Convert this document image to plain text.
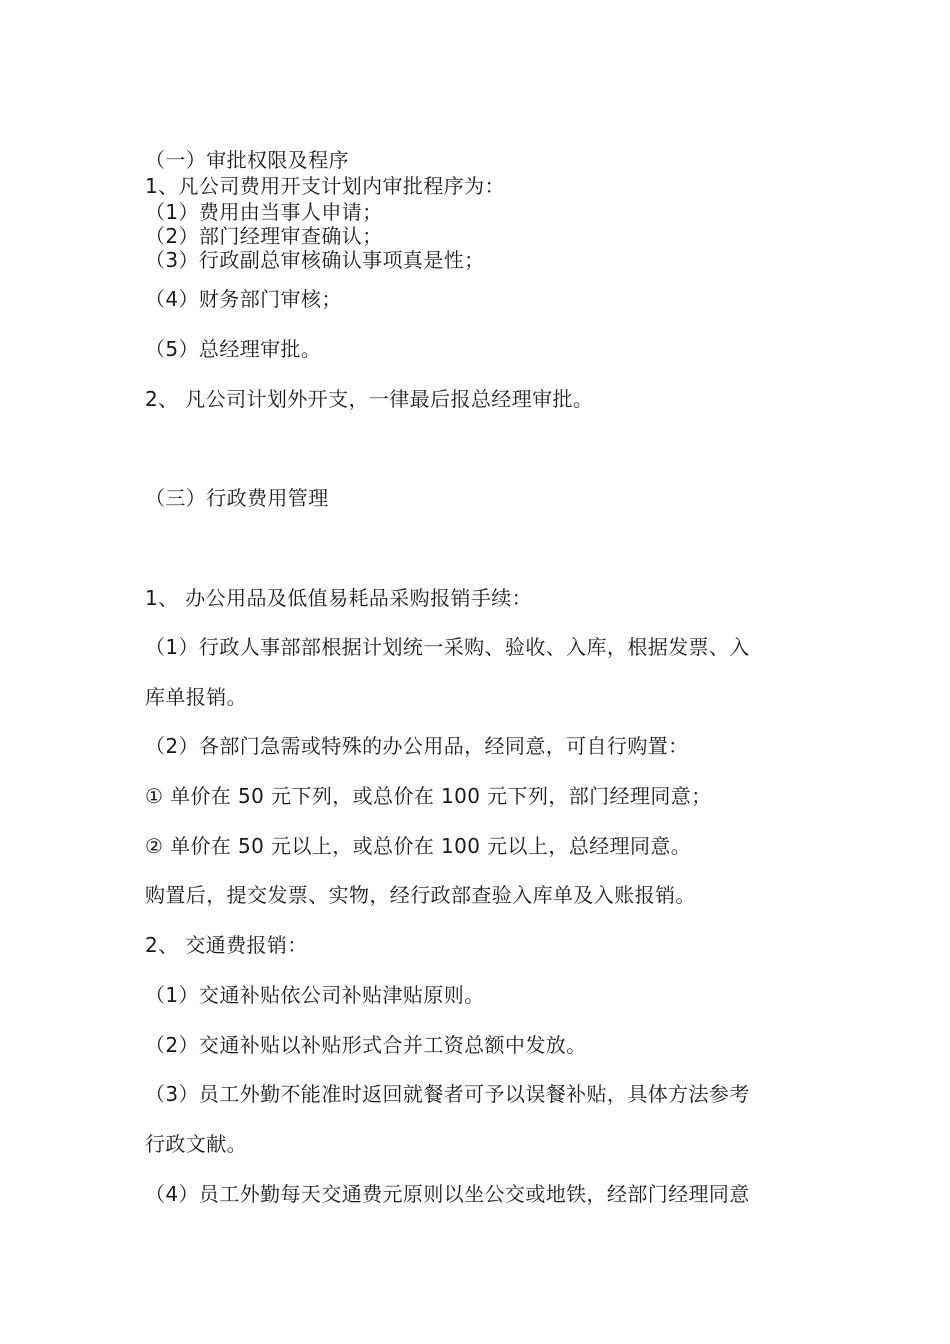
（一）审批权限及程序
1、凡公司费用开支计划内审批程序为：
（1）费用由当事人申请；
（2）部门经理审查确认；
（3）行政副总审核确认事项真是性；
（4）财务部门审核；
（5）总经理审批。
2、 凡公司计划外开支，一律最后报总经理审批。
（三）行政费用管理
1、 办公用品及低值易耗品采购报销手续：
（1）行政人事部部根据计划统一采购、验收、入库，根据发票、入
库单报销。
（2）各部门急需或特殊的办公用品，经同意，可自行购置：
① 单价在 50 元下列，或总价在 100 元下列，部门经理同意；
② 单价在 50 元以上，或总价在 100 元以上，总经理同意。
购置后，提交发票、实物，经行政部查验入库单及入账报销。
2、 交通费报销：
（1）交通补贴依公司补贴津贴原则。
（2）交通补贴以补贴形式合并工资总额中发放。
（3）员工外勤不能准时返回就餐者可予以误餐补贴，具体方法参考
行政文献。
（4）员工外勤每天交通费元原则以坐公交或地铁，经部门经理同意
